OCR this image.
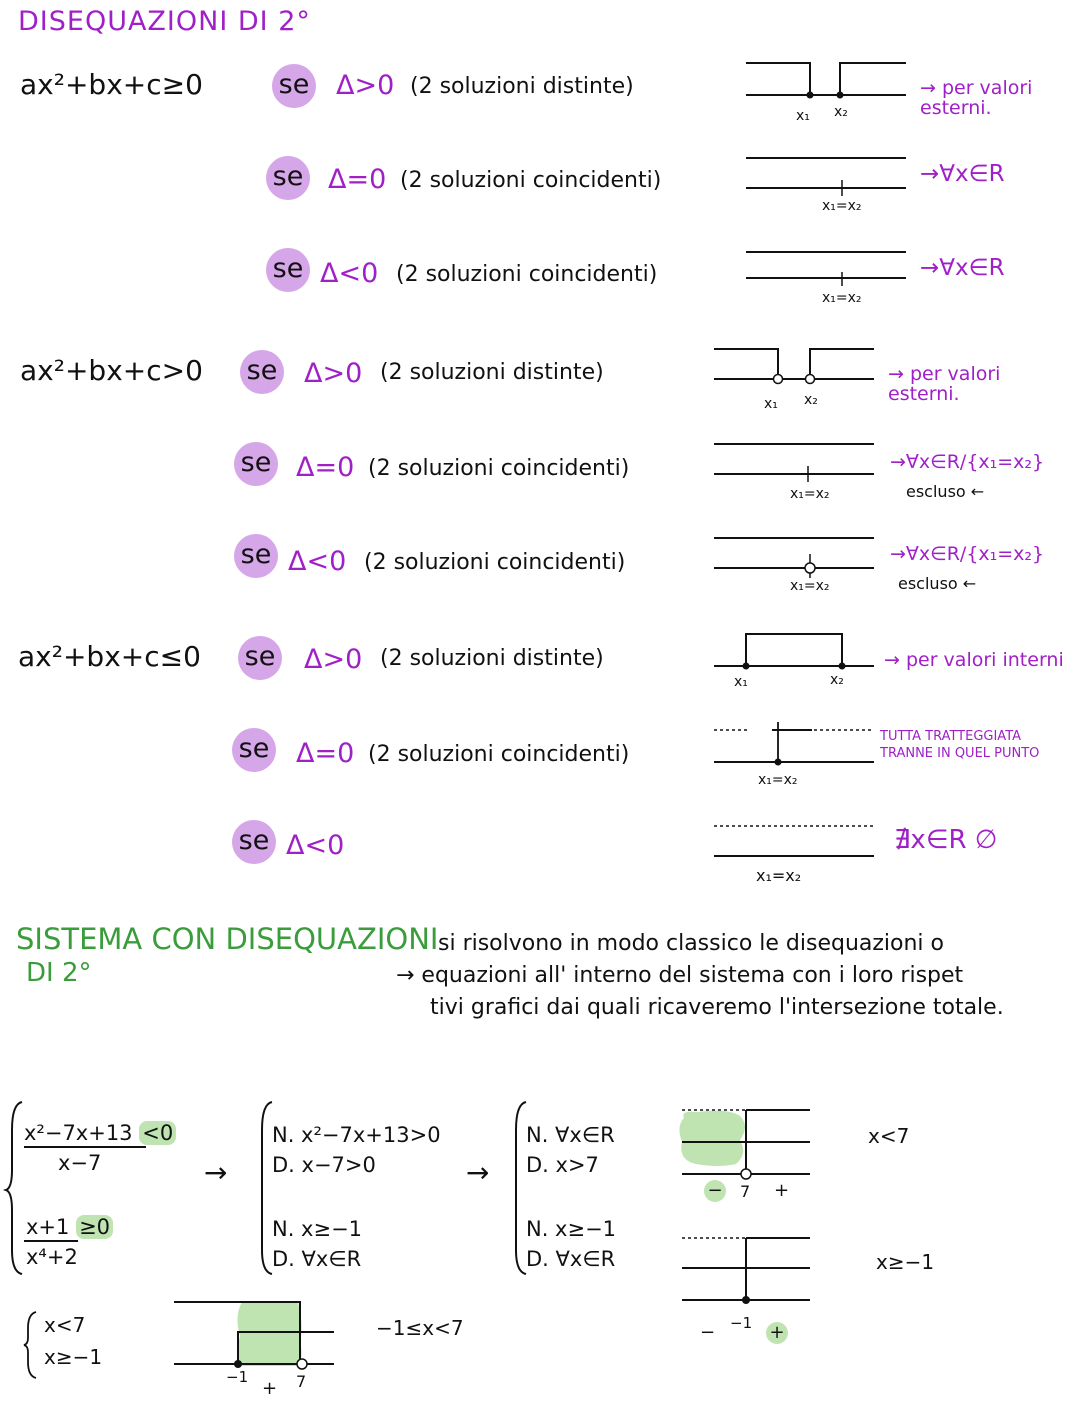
DISEQUAZIONI DI 2°
ax²+bx+c≥0	se Δ>0 (2 soluzioni distinte)
x₁ x₂
→ per valori esterni.
se Δ=0 (2 soluzioni coincidenti)
x₁=x₂
→∀x∈R
se Δ<0 (2 soluzioni coincidenti)
x₁=x₂
→∀x∈R
ax²+bx+c>0 se Δ>0 (2 soluzioni distinte)
x₁ x₂
→ per valori esterni.
se Δ=0 (2 soluzioni coincidenti)
x₁=x₂
→∀x∈R/{x₁=x₂}
escluso ←
se Δ<0 (2 soluzioni coincidenti)
x₁=x₂
→∀x∈R/{x₁=x₂}
escluso ←
ax²+bx+c≤0 se Δ>0 (2 soluzioni distinte)
x₁	x₂
→ per valori interni
se Δ=0 (2 soluzioni coincidenti)
x₁=x₂
TUTTA TRATTEGGIATA TRANNE IN QUEL PUNTO
se Δ<0
x₁=x₂
∄x∈R ∅
SISTEMA CON DISEQUAZIONI
DI 2°
si risolvono in modo classico le disequazioni o
→ equazioni all' interno del sistema con i loro rispet
tivi grafici dai quali ricaveremo l'intersezione totale.
x²−7x+13 <0
x−7
x+1 ≥0
x⁴+2
→
N. x²−7x+13>0
D. x−7>0
N. x≥−1
D. ∀x∈R
→
N. ∀x∈R
D. x>7
N. x≥−1
D. ∀x∈R
− 7 +
x<7
− −1 +
x≥−1
x<7
x≥−1
−1
+ 7
−1≤x<7
